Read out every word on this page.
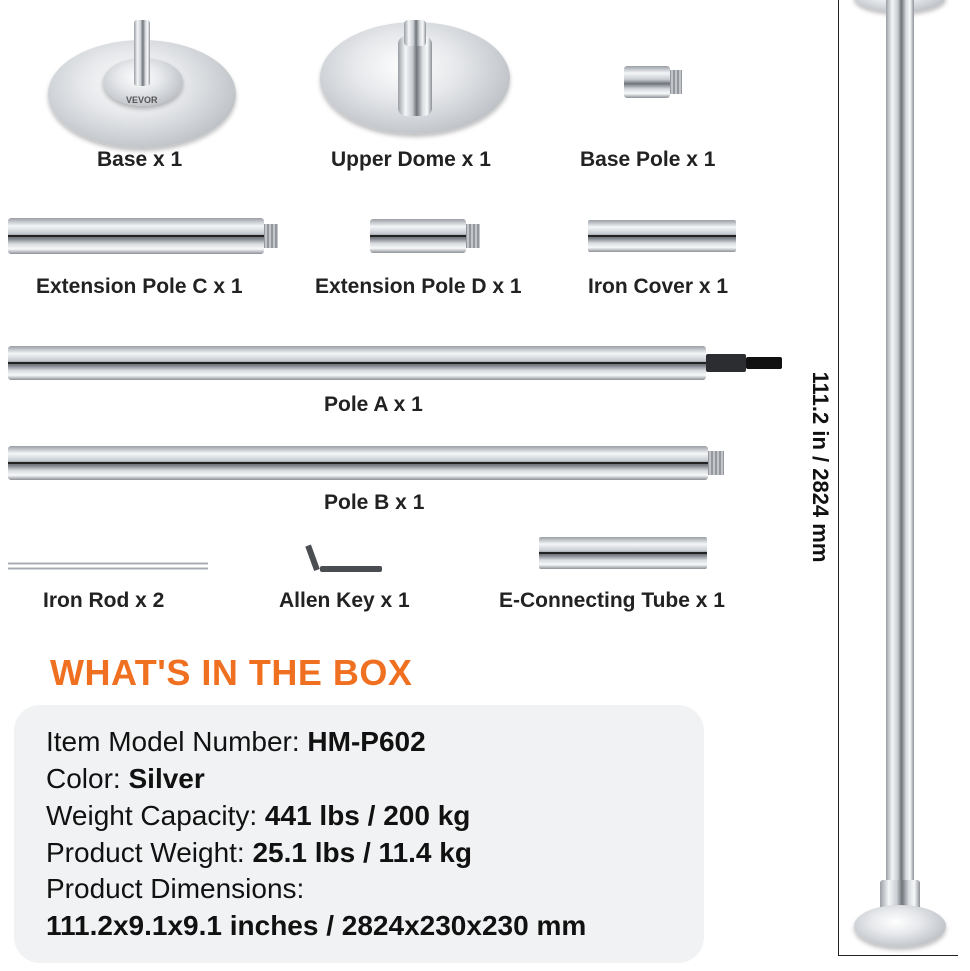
VEVOR
Base x 1	Upper Dome x 1	Base Pole x 1
Extension Pole C x 1	Extension Pole D x 1	Iron Cover x 1
Pole A x 1
Pole B x 1
Iron Rod x 2	Allen Key x 1	E-Connecting Tube x 1
WHAT'S IN THE BOX
Item Model Number: HM-P602
Color: Silver
Weight Capacity: 441 lbs / 200 kg
Product Weight: 25.1 lbs / 11.4 kg
Product Dimensions:
111.2x9.1x9.1 inches / 2824x230x230 mm
111.2 in / 2824 mm
